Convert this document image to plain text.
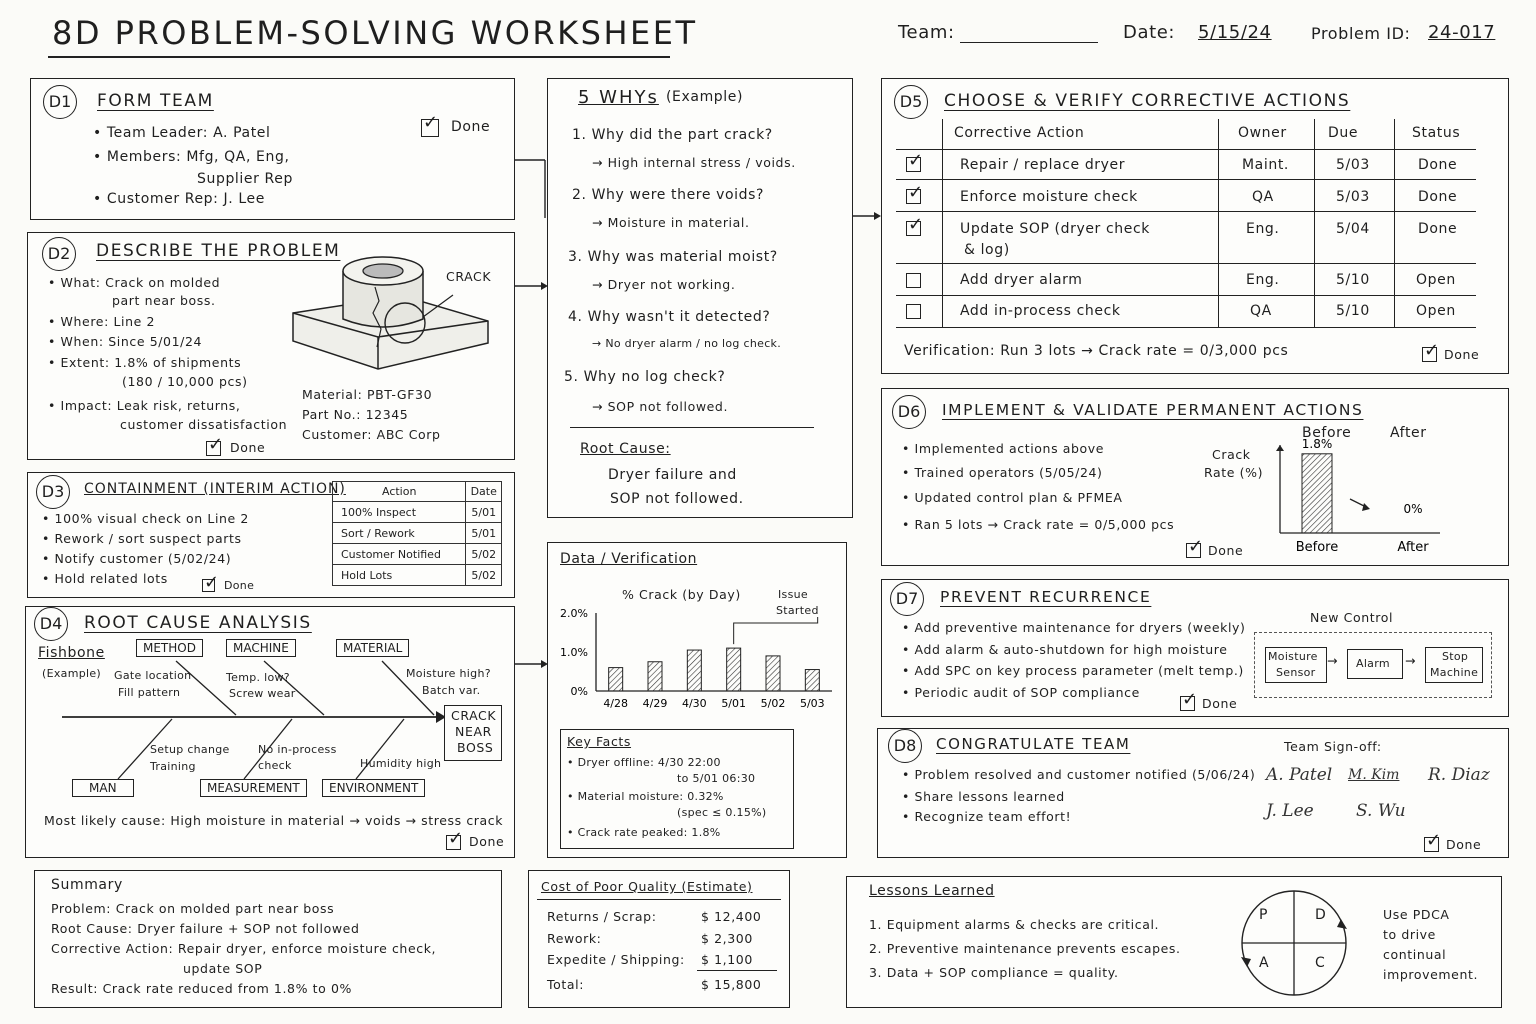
8D PROBLEM-SOLVING WORKSHEET	Team:	Date: 5/15/24 Problem ID: 24-017
D1	FORM TEAM
• Team Leader: A. Patel
• Members: Mfg, QA, Eng,
Supplier Rep
• Customer Rep: J. Lee
✓
Done
D2	DESCRIBE THE PROBLEM
• What: Crack on molded
part near boss.
• Where: Line 2
• When: Since 5/01/24
• Extent: 1.8% of shipments
(180 / 10,000 pcs)
• Impact: Leak risk, returns,
customer dissatisfaction
CRACK
Material: PBT-GF30
Part No.: 12345
Customer: ABC Corp
✓
Done
D3	CONTAINMENT (INTERIM ACTION)
• 100% visual check on Line 2
• Rework / sort suspect parts
• Notify customer (5/02/24)
• Hold related lots ✓	Done
Action	Date
100% Inspect	5/01
Sort / Rework	5/01
Customer Notified	5/02
Hold Lots	5/02
D4	ROOT CAUSE ANALYSIS
Fishbone
(Example)
METHOD	MACHINE	MATERIAL
MAN	MEASUREMENT	ENVIRONMENT
Gate location
Fill pattern
Temp. low?
Screw wear
Moisture high?
Batch var.
Setup change
Training
No in-process
check	Humidity high
CRACK
NEAR
BOSS
Most likely cause: High moisture in material → voids → stress crack
✓
Done
5 WHYs (Example)
1. Why did the part crack?
→ High internal stress / voids.
2. Why were there voids?
→ Moisture in material.
3. Why was material moist?
→ Dryer not working.
4. Why wasn't it detected?
→ No dryer alarm / no log check.
5. Why no log check?
→ SOP not followed.
Root Cause:
Dryer failure and
SOP not followed.
Data / Verification
% Crack (by Day)	Issue
Started
2.0%
1.0%
0%
4/28 4/29 4/30 5/01 5/02 5/03
Key Facts
• Dryer offline: 4/30 22:00
to 5/01 06:30
• Material moisture: 0.32%
(spec ≤ 0.15%)
• Crack rate peaked: 1.8%
D5	CHOOSE & VERIFY CORRECTIVE ACTIONS
Corrective Action	Owner	Due	Status
✓
Repair / replace dryer	Maint.	5/03	Done
✓
Enforce moisture check	QA	5/03	Done
✓
Update SOP (dryer check
& log)
Eng.	5/04	Done
Add dryer alarm	Eng.	5/10	Open
Add in-process check	QA	5/10	Open
Verification: Run 3 lots → Crack rate = 0/3,000 pcs ✓	Done
D6	IMPLEMENT & VALIDATE PERMANENT ACTIONS
• Implemented actions above
• Trained operators (5/05/24)
• Updated control plan & PFMEA
• Ran 5 lots → Crack rate = 0/5,000 pcs
✓
Done
Before	After
Crack
Rate (%)
1.8%
Before
0%
After
D7	PREVENT RECURRENCE
• Add preventive maintenance for dryers (weekly)
• Add alarm & auto-shutdown for high moisture
• Add SPC on key process parameter (melt temp.)
• Periodic audit of SOP compliance
✓
Done
New Control
Moisture
Sensor
→ Alarm → Stop
Machine
D8	CONGRATULATE TEAM
• Problem resolved and customer notified (5/06/24)
• Share lessons learned
• Recognize team effort!
Team Sign-off:
A. Patel M. Kim R. Diaz
J. Lee S. Wu
✓
Done
Summary
Problem: Crack on molded part near boss
Root Cause: Dryer failure + SOP not followed
Corrective Action: Repair dryer, enforce moisture check,
update SOP
Result: Crack rate reduced from 1.8% to 0%
Cost of Poor Quality (Estimate)
Returns / Scrap:	$ 12,400
Rework:	$ 2,300
Expedite / Shipping: $ 1,100
Total:	$ 15,800
Lessons Learned
1. Equipment alarms & checks are critical.
2. Preventive maintenance prevents escapes.
3. Data + SOP compliance = quality.
P	D
A	C
Use PDCA
to drive
continual
improvement.
